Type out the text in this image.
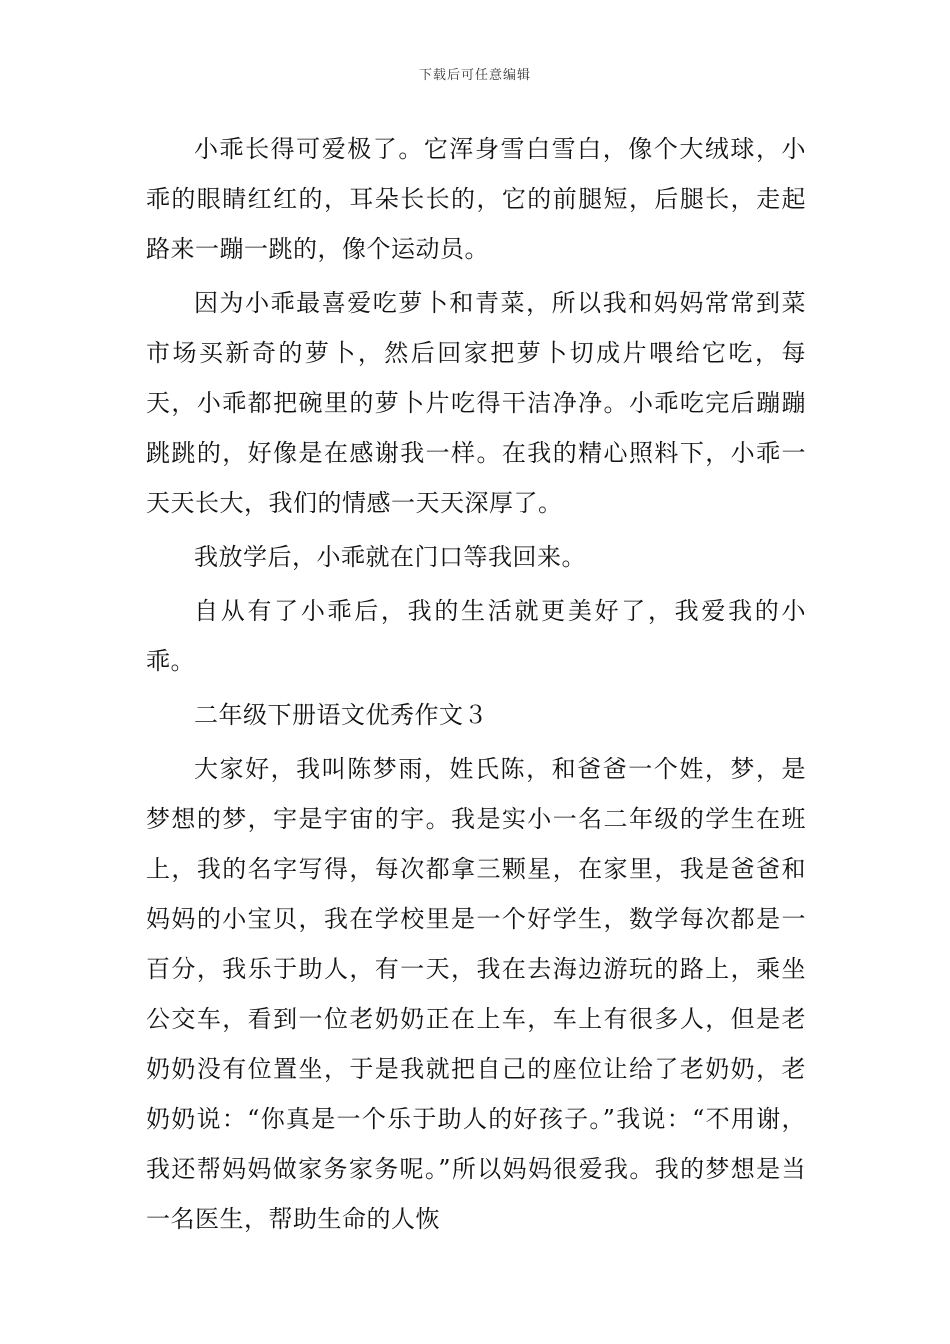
下载后可任意编辑

小乖长得可爱极了。它浑身雪白雪白，像个大绒球，小乖的眼睛红红的，耳朵长长的，它的前腿短，后腿长，走起路来一蹦一跳的，像个运动员。

因为小乖最喜爱吃萝卜和青菜，所以我和妈妈常常到菜市场买新奇的萝卜，然后回家把萝卜切成片喂给它吃，每天，小乖都把碗里的萝卜片吃得干洁净净。小乖吃完后蹦蹦跳跳的，好像是在感谢我一样。在我的精心照料下，小乖一天天长大，我们的情感一天天深厚了。

我放学后，小乖就在门口等我回来。

自从有了小乖后，我的生活就更美好了，我爱我的小乖。

二年级下册语文优秀作文３

大家好，我叫陈梦雨，姓氏陈，和爸爸一个姓，梦，是梦想的梦，宇是宇宙的宇。我是实小一名二年级的学生在班上，我的名字写得，每次都拿三颗星，在家里，我是爸爸和妈妈的小宝贝，我在学校里是一个好学生，数学每次都是一百分，我乐于助人，有一天，我在去海边游玩的路上，乘坐公交车，看到一位老奶奶正在上车，车上有很多人，但是老奶奶没有位置坐，于是我就把自己的座位让给了老奶奶，老奶奶说：“你真是一个乐于助人的好孩子。”我说：“不用谢，我还帮妈妈做家务家务呢。”所以妈妈很爱我。我的梦想是当一名医生，帮助生命的人恢
